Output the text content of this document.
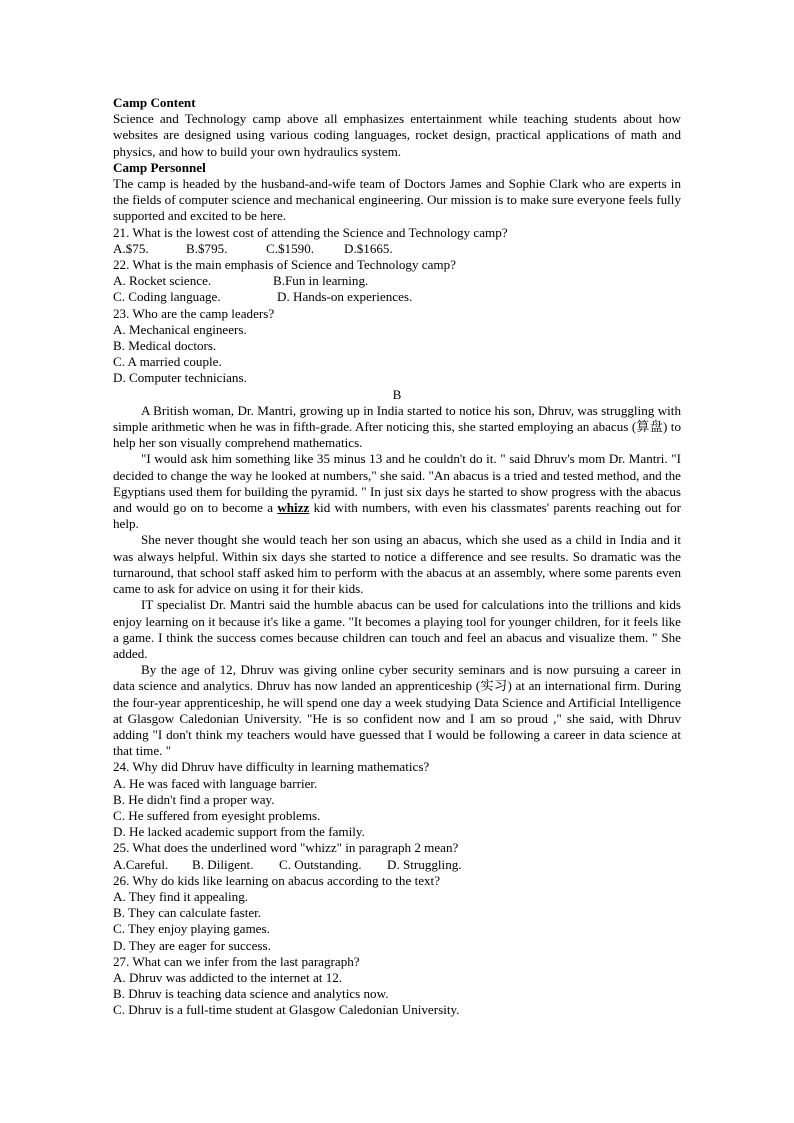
Camp Content

Science and Technology camp above all emphasizes entertainment while teaching students about how websites are designed using various coding languages, rocket design, practical applications of math and physics, and how to build your own hydraulics system.

Camp Personnel

The camp is headed by the husband-and-wife team of Doctors James and Sophie Clark who are experts in the fields of computer science and mechanical engineering. Our mission is to make sure everyone feels fully supported and excited to be here.

21. What is the lowest cost of attending the Science and Technology camp?

A.$75.	B.$795.	C.$1590.	D.$1665.

22. What is the main emphasis of Science and Technology camp?

A. Rocket science.	B.Fun in learning.
C. Coding language.	D. Hands-on experiences.

23. Who are the camp leaders?

A. Mechanical engineers.

B. Medical doctors.

C. A married couple.

D. Computer technicians.

B

A British woman, Dr. Mantri, growing up in India started to notice his son, Dhruv, was struggling with simple arithmetic when he was in fifth-grade. After noticing this, she started employing an abacus (算盘) to help her son visually comprehend mathematics.

"I would ask him something like 35 minus 13 and he couldn't do it. " said Dhruv's mom Dr. Mantri. "I decided to change the way he looked at numbers," she said. "An abacus is a tried and tested method, and the Egyptians used them for building the pyramid. " In just six days he started to show progress with the abacus and would go on to become a whizz kid with numbers, with even his classmates' parents reaching out for help.

She never thought she would teach her son using an abacus, which she used as a child in India and it was always helpful. Within six days she started to notice a difference and see results. So dramatic was the turnaround, that school staff asked him to perform with the abacus at an assembly, where some parents even came to ask for advice on using it for their kids.

IT specialist Dr. Mantri said the humble abacus can be used for calculations into the trillions and kids enjoy learning on it because it's like a game. "It becomes a playing tool for younger children, for it feels like a game. I think the success comes because children can touch and feel an abacus and visualize them. " She added.

By the age of 12, Dhruv was giving online cyber security seminars and is now pursuing a career in data science and analytics. Dhruv has now landed an apprenticeship (实习) at an international firm. During the four-year apprenticeship, he will spend one day a week studying Data Science and Artificial Intelligence at Glasgow Caledonian University. "He is so confident now and I am so proud ," she said, with Dhruv adding "I don't think my teachers would have guessed that I would be following a career in data science at that time. "

24. Why did Dhruv have difficulty in learning mathematics?

A. He was faced with language barrier.

B. He didn't find a proper way.

C. He suffered from eyesight problems.

D. He lacked academic support from the family.

25. What does the underlined word "whizz" in paragraph 2 mean?

A.Careful.	B. Diligent.	C. Outstanding.	D. Struggling.

26. Why do kids like learning on abacus according to the text?

A. They find it appealing.

B. They can calculate faster.

C. They enjoy playing games.

D. They are eager for success.

27. What can we infer from the last paragraph?

A. Dhruv was addicted to the internet at 12.

B. Dhruv is teaching data science and analytics now.

C. Dhruv is a full-time student at Glasgow Caledonian University.
